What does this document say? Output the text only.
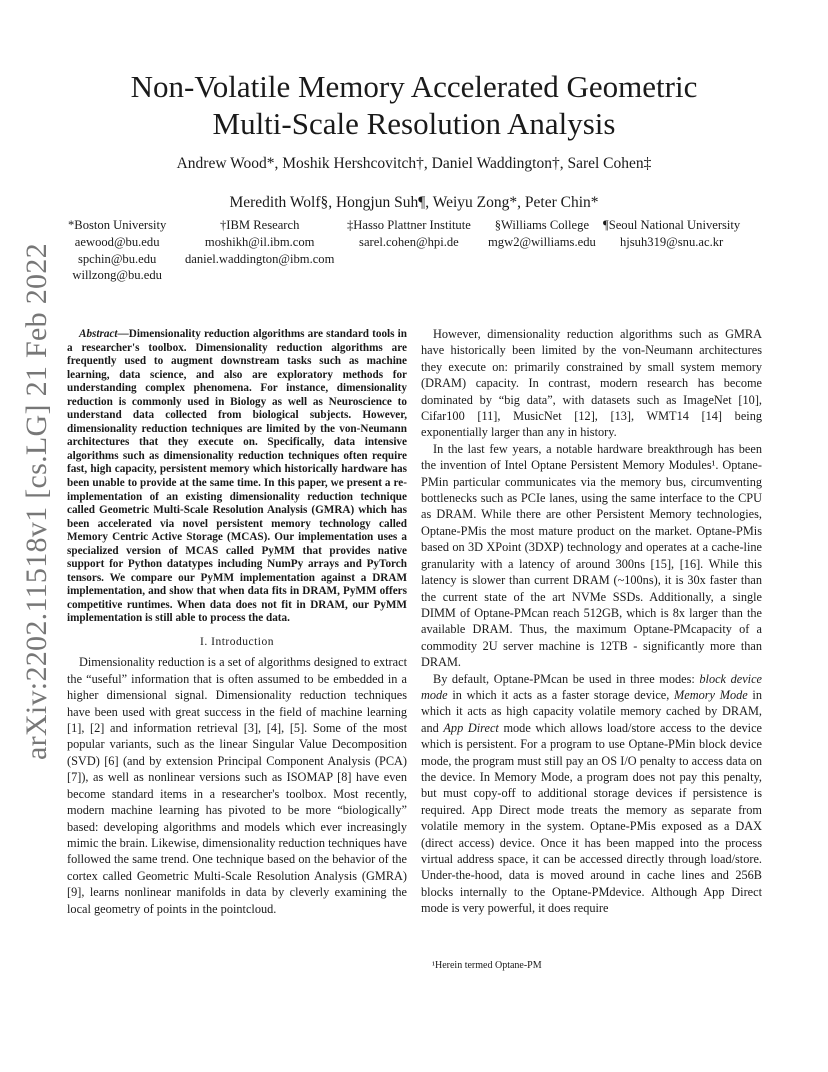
arXiv:2202.11518v1 [cs.LG] 21 Feb 2022
Non-Volatile Memory Accelerated Geometric
Multi-Scale Resolution Analysis
Andrew Wood*, Moshik Hershcovitch†, Daniel Waddington†, Sarel Cohen‡
Meredith Wolf§, Hongjun Suh¶, Weiyu Zong*, Peter Chin*
*Boston University
aewood@bu.edu
spchin@bu.edu
willzong@bu.edu
†IBM Research
moshikh@il.ibm.com
daniel.waddington@ibm.com
‡Hasso Plattner Institute
sarel.cohen@hpi.de
§Williams College
mgw2@williams.edu
¶Seoul National University
hjsuh319@snu.ac.kr

Abstract—Dimensionality reduction algorithms are standard tools in a researcher's toolbox. Dimensionality reduction algorithms are frequently used to augment downstream tasks such as machine learning, data science, and also are exploratory methods for understanding complex phenomena. For instance, dimensionality reduction is commonly used in Biology as well as Neuroscience to understand data collected from biological subjects. However, dimensionality reduction techniques are limited by the von-Neumann architectures that they execute on. Specifically, data intensive algorithms such as dimensionality reduction techniques often require fast, high capacity, persistent memory which historically hardware has been unable to provide at the same time. In this paper, we present a re-implementation of an existing dimensionality reduction technique called Geometric Multi-Scale Resolution Analysis (GMRA) which has been accelerated via novel persistent memory technology called Memory Centric Active Storage (MCAS). Our implementation uses a specialized version of MCAS called PyMM that provides native support for Python datatypes including NumPy arrays and PyTorch tensors. We compare our PyMM implementation against a DRAM implementation, and show that when data fits in DRAM, PyMM offers competitive runtimes. When data does not fit in DRAM, our PyMM implementation is still able to process the data.

I. Introduction

Dimensionality reduction is a set of algorithms designed to extract the “useful” information that is often assumed to be embedded in a higher dimensional signal. Dimensionality reduction techniques have been used with great success in the field of machine learning [1], [2] and information retrieval [3], [4], [5]. Some of the most popular variants, such as the linear Singular Value Decomposition (SVD) [6] (and by extension Principal Component Analysis (PCA) [7]), as well as nonlinear versions such as ISOMAP [8] have even become standard items in a researcher's toolbox. Most recently, modern machine learning has pivoted to be more “biologically” based: developing algorithms and models which ever increasingly mimic the brain. Likewise, dimensionality reduction techniques have followed the same trend. One technique based on the behavior of the cortex called Geometric Multi-Scale Resolution Analysis (GMRA) [9], learns nonlinear manifolds in data by cleverly examining the local geometry of points in the pointcloud.

However, dimensionality reduction algorithms such as GMRA have historically been limited by the von-Neumann architectures they execute on: primarily constrained by small system memory (DRAM) capacity. In contrast, modern research has become dominated by “big data”, with datasets such as ImageNet [10], Cifar100 [11], MusicNet [12], [13], WMT14 [14] being exponentially larger than any in history.

In the last few years, a notable hardware breakthrough has been the invention of Intel Optane Persistent Memory Modules¹. Optane-PMin particular communicates via the memory bus, circumventing bottlenecks such as PCIe lanes, using the same interface to the CPU as DRAM. While there are other Persistent Memory technologies, Optane-PMis the most mature product on the market. Optane-PMis based on 3D XPoint (3DXP) technology and operates at a cache-line granularity with a latency of around 300ns [15], [16]. While this latency is slower than current DRAM (~100ns), it is 30x faster than the current state of the art NVMe SSDs. Additionally, a single DIMM of Optane-PMcan reach 512GB, which is 8x larger than the available DRAM. Thus, the maximum Optane-PMcapacity of a commodity 2U server machine is 12TB - significantly more than DRAM.

By default, Optane-PMcan be used in three modes: block device mode in which it acts as a faster storage device, Memory Mode in which it acts as high capacity volatile memory cached by DRAM, and App Direct mode which allows load/store access to the device which is persistent. For a program to use Optane-PMin block device mode, the program must still pay an OS I/O penalty to access data on the device. In Memory Mode, a program does not pay this penalty, but must copy-off to additional storage devices if persistence is required. App Direct mode treats the memory as separate from volatile memory in the system. Optane-PMis exposed as a DAX (direct access) device. Once it has been mapped into the process virtual address space, it can be accessed directly through load/store. Under-the-hood, data is moved around in cache lines and 256B blocks internally to the Optane-PMdevice. Although App Direct mode is very powerful, it does require

¹Herein termed Optane-PM
